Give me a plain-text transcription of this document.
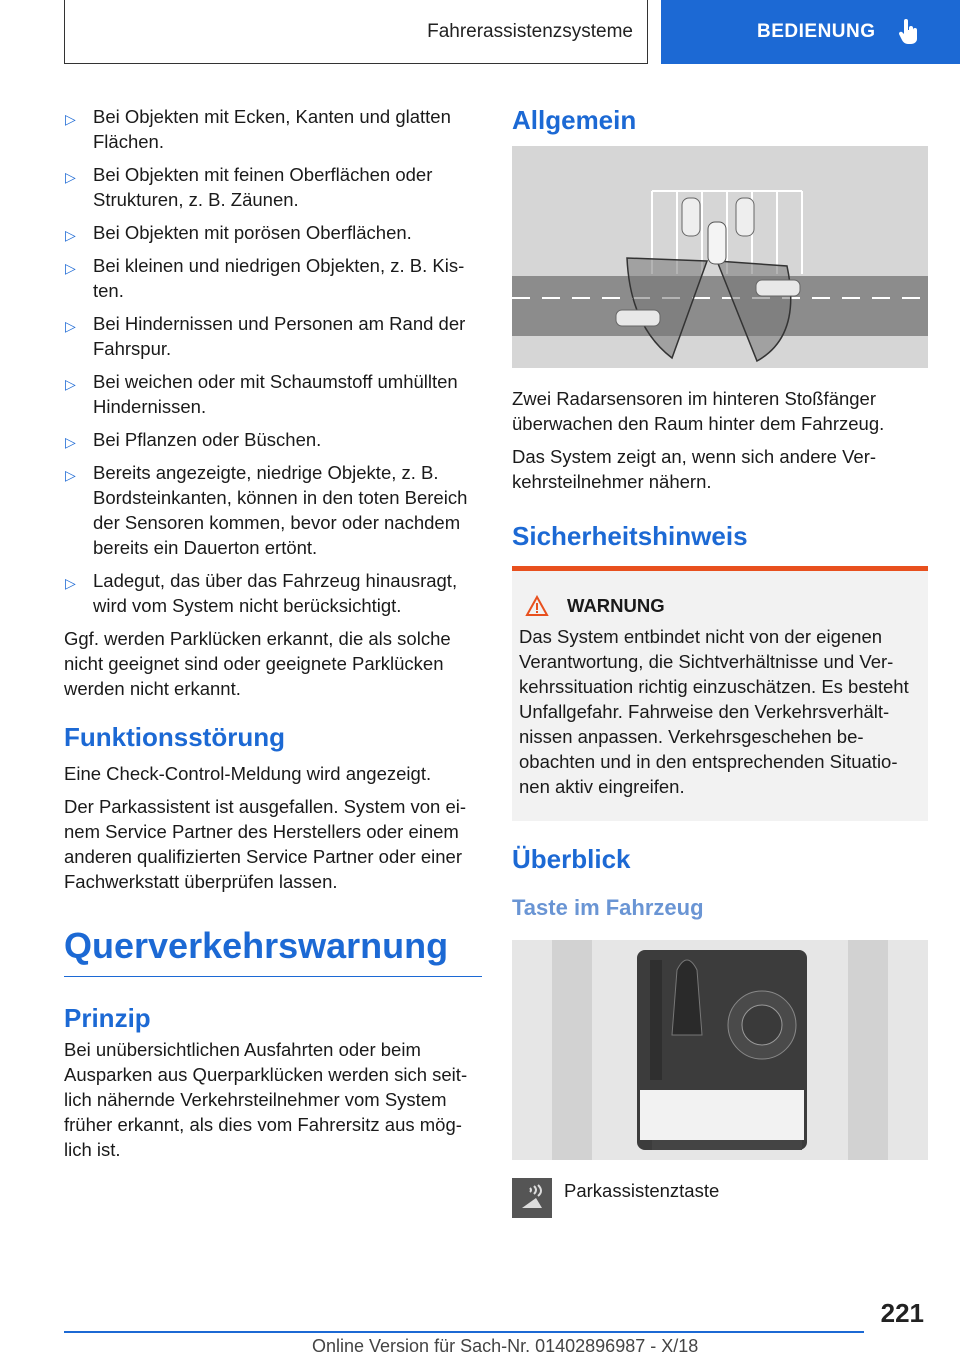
Fahrerassistenzsysteme	BEDIENUNG
▷ Bei Objekten mit Ecken, Kanten und glatten Flächen.
▷ Bei Objekten mit feinen Oberflächen oder Strukturen, z. B. Zäunen.
▷ Bei Objekten mit porösen Oberflächen.
▷ Bei kleinen und niedrigen Objekten, z. B. Kisten.
▷ Bei Hindernissen und Personen am Rand der Fahrspur.
▷ Bei weichen oder mit Schaumstoff umhüllten Hindernissen.
▷ Bei Pflanzen oder Büschen.
▷ Bereits angezeigte, niedrige Objekte, z. B. Bordsteinkanten, können in den toten Bereich der Sensoren kommen, bevor oder nachdem bereits ein Dauerton ertönt.
▷ Ladegut, das über das Fahrzeug hinausragt, wird vom System nicht berücksichtigt.

Ggf. werden Parklücken erkannt, die als solche nicht geeignet sind oder geeignete Parklücken werden nicht erkannt.

Funktionsstörung

Eine Check-Control-Meldung wird angezeigt.

Der Parkassistent ist ausgefallen. System von einem Service Partner des Herstellers oder einem anderen qualifizierten Service Partner oder einer Fachwerkstatt überprüfen lassen.

Querverkehrswarnung
Prinzip

Bei unübersichtlichen Ausfahrten oder beim Ausparken aus Querparklücken werden sich seitlich nähernde Verkehrsteilnehmer vom System früher erkannt, als dies vom Fahrersitz aus möglich ist.

Allgemein

Zwei Radarsensoren im hinteren Stoßfänger überwachen den Raum hinter dem Fahrzeug.

Das System zeigt an, wenn sich andere Verkehrsteilnehmer nähern.

Sicherheitshinweis
WARNUNG
Das System entbindet nicht von der eigenen Verantwortung, die Sichtverhältnisse und Verkehrssituation richtig einzuschätzen. Es besteht Unfallgefahr. Fahrweise den Verkehrsverhältnissen anpassen. Verkehrsgeschehen beobachten und in den entsprechenden Situationen aktiv eingreifen.
Überblick
Taste im Fahrzeug
Parkassistenztaste
221
Online Version für Sach-Nr. 01402896987 - X/18
